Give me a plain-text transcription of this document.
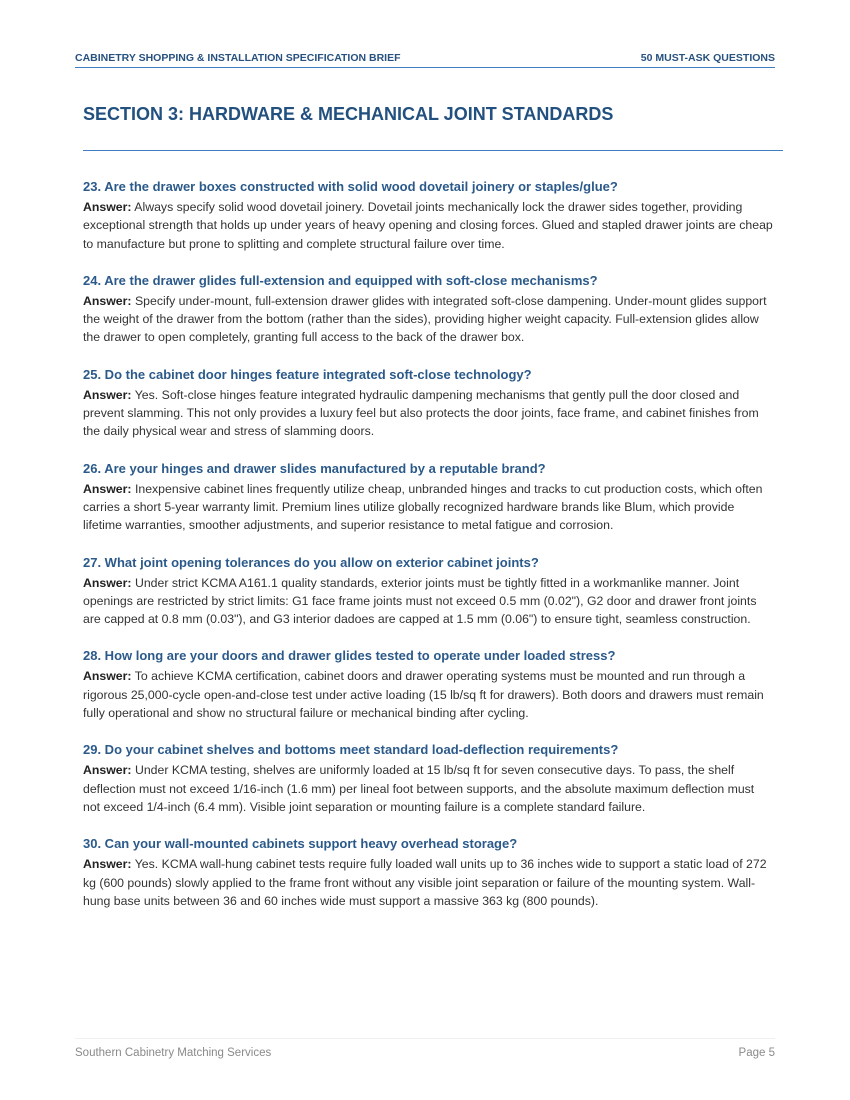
CABINETRY SHOPPING & INSTALLATION SPECIFICATION BRIEF	50 MUST-ASK QUESTIONS
SECTION 3: HARDWARE & MECHANICAL JOINT STANDARDS

23. Are the drawer boxes constructed with solid wood dovetail joinery or staples/glue?

Answer: Always specify solid wood dovetail joinery. Dovetail joints mechanically lock the drawer sides together, providing exceptional strength that holds up under years of heavy opening and closing forces. Glued and stapled drawer joints are cheap to manufacture but prone to splitting and complete structural failure over time.

24. Are the drawer glides full-extension and equipped with soft-close mechanisms?

Answer: Specify under-mount, full-extension drawer glides with integrated soft-close dampening. Under-mount glides support the weight of the drawer from the bottom (rather than the sides), providing higher weight capacity. Full-extension glides allow the drawer to open completely, granting full access to the back of the drawer box.

25. Do the cabinet door hinges feature integrated soft-close technology?

Answer: Yes. Soft-close hinges feature integrated hydraulic dampening mechanisms that gently pull the door closed and prevent slamming. This not only provides a luxury feel but also protects the door joints, face frame, and cabinet finishes from the daily physical wear and stress of slamming doors.

26. Are your hinges and drawer slides manufactured by a reputable brand?

Answer: Inexpensive cabinet lines frequently utilize cheap, unbranded hinges and tracks to cut production costs, which often carries a short 5-year warranty limit. Premium lines utilize globally recognized hardware brands like Blum, which provide lifetime warranties, smoother adjustments, and superior resistance to metal fatigue and corrosion.

27. What joint opening tolerances do you allow on exterior cabinet joints?

Answer: Under strict KCMA A161.1 quality standards, exterior joints must be tightly fitted in a workmanlike manner. Joint openings are restricted by strict limits: G1 face frame joints must not exceed 0.5 mm (0.02"), G2 door and drawer front joints are capped at 0.8 mm (0.03"), and G3 interior dadoes are capped at 1.5 mm (0.06") to ensure tight, seamless construction.

28. How long are your doors and drawer glides tested to operate under loaded stress?

Answer: To achieve KCMA certification, cabinet doors and drawer operating systems must be mounted and run through a rigorous 25,000-cycle open-and-close test under active loading (15 lb/sq ft for drawers). Both doors and drawers must remain fully operational and show no structural failure or mechanical binding after cycling.

29. Do your cabinet shelves and bottoms meet standard load-deflection requirements?

Answer: Under KCMA testing, shelves are uniformly loaded at 15 lb/sq ft for seven consecutive days. To pass, the shelf deflection must not exceed 1/16-inch (1.6 mm) per lineal foot between supports, and the absolute maximum deflection must not exceed 1/4-inch (6.4 mm). Visible joint separation or mounting failure is a complete standard failure.

30. Can your wall-mounted cabinets support heavy overhead storage?

Answer: Yes. KCMA wall-hung cabinet tests require fully loaded wall units up to 36 inches wide to support a static load of 272 kg (600 pounds) slowly applied to the frame front without any visible joint separation or failure of the mounting system. Wall-hung base units between 36 and 60 inches wide must support a massive 363 kg (800 pounds).

Southern Cabinetry Matching Services	Page 5
